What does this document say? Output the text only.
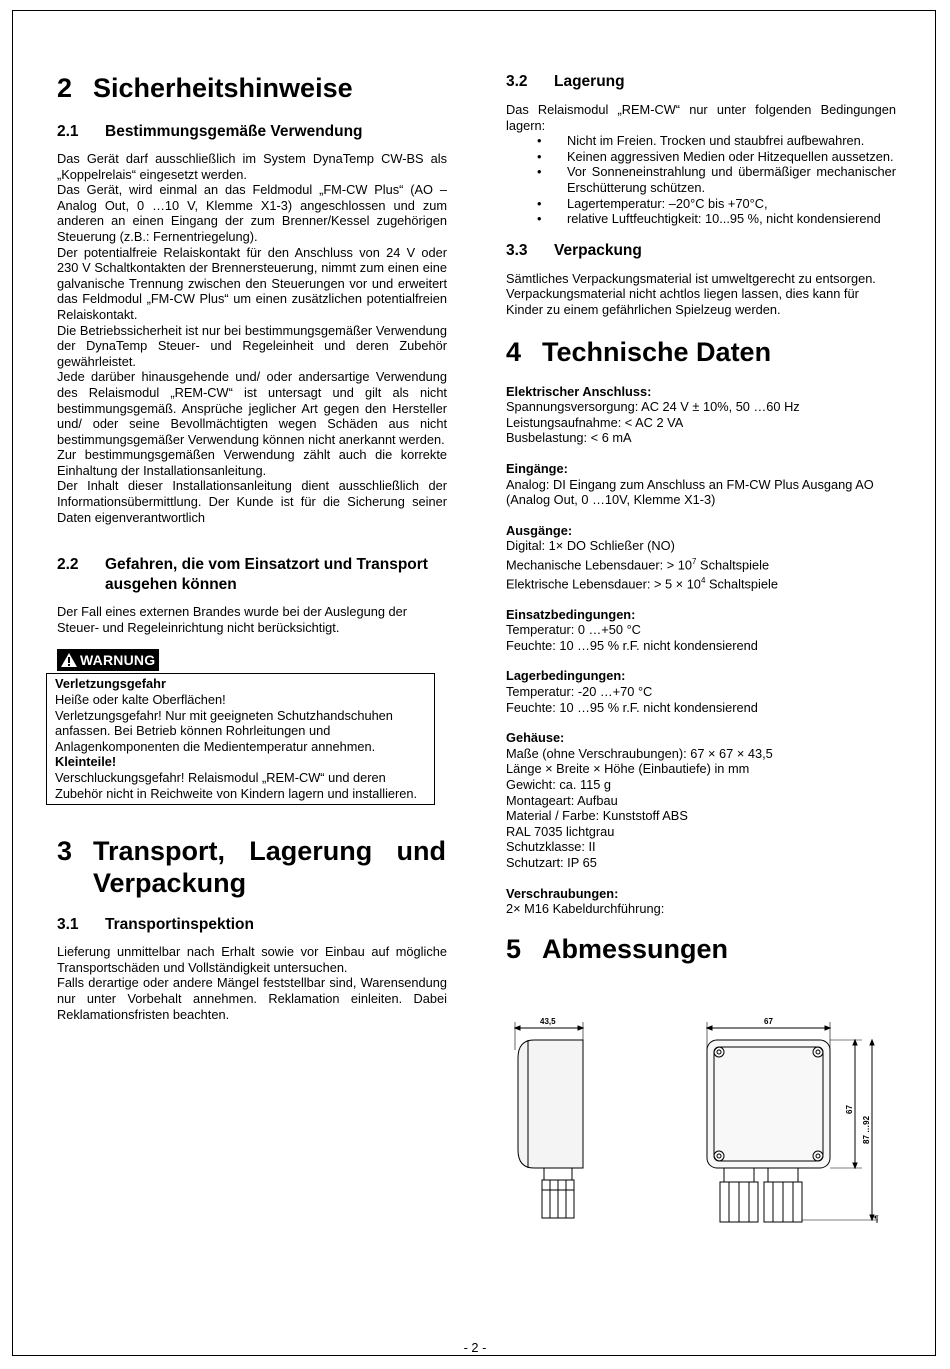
2 Sicherheitshinweise
2.1 Bestimmungsgemäße Verwendung

Das Gerät darf ausschließlich im System DynaTemp CW-BS als „Koppelrelais“ eingesetzt werden.

Das Gerät, wird einmal an das Feldmodul „FM-CW Plus“ (AO – Analog Out, 0 …10 V, Klemme X1-3) angeschlossen und zum anderen an einen Eingang der zum Brenner/Kessel zugehörigen Steuerung (z.B.: Fernentriegelung).

Der potentialfreie Relaiskontakt für den Anschluss von 24 V oder 230 V Schaltkontakten der Brennersteuerung, nimmt zum einen eine galvanische Trennung zwischen den Steuerungen vor und erweitert das Feldmodul „FM-CW Plus“ um einen zusätzlichen potentialfreien Relaiskontakt.

Die Betriebssicherheit ist nur bei bestimmungsgemäßer Verwendung der DynaTemp Steuer- und Regeleinheit und deren Zubehör gewährleistet.

Jede darüber hinausgehende und/ oder andersartige Verwendung des Relaismodul „REM-CW“ ist untersagt und gilt als nicht bestimmungsgemäß. Ansprüche jeglicher Art gegen den Hersteller und/ oder seine Bevollmächtigten wegen Schäden aus nicht bestimmungsgemäßer Verwendung können nicht anerkannt werden.

Zur bestimmungsgemäßen Verwendung zählt auch die korrekte Einhaltung der Installationsanleitung.

Der Inhalt dieser Installationsanleitung dient ausschließlich der Informationsübermittlung. Der Kunde ist für die Sicherung seiner Daten eigenverantwortlich

2.2	Gefahren, die vom Einsatzort und Transport ausgehen können

Der Fall eines externen Brandes wurde bei der Auslegung der Steuer- und Regeleinrichtung nicht berücksichtigt.

WARNUNG

Verletzungsgefahr

Heiße oder kalte Oberflächen!

Verletzungsgefahr! Nur mit geeigneten Schutzhandschuhen anfassen. Bei Betrieb können Rohrleitungen und Anlagenkomponenten die Medientemperatur annehmen.

Kleinteile!

Verschluckungsgefahr! Relaismodul „REM-CW“ und deren Zubehör nicht in Reichweite von Kindern lagern und installieren.

3 Transport, Lagerung und
Verpackung
3.1 Transportinspektion

Lieferung unmittelbar nach Erhalt sowie vor Einbau auf mögliche Transportschäden und Vollständigkeit untersuchen.

Falls derartige oder andere Mängel feststellbar sind, Warensendung nur unter Vorbehalt annehmen. Reklamation einleiten. Dabei Reklamationsfristen beachten.

3.2 Lagerung

Das Relaismodul „REM-CW“ nur unter folgenden Bedingungen lagern:

• Nicht im Freien. Trocken und staubfrei aufbewahren.
• Keinen aggressiven Medien oder Hitzequellen aussetzen.
• Vor Sonneneinstrahlung und übermäßiger mechanischer Erschütterung schützen.
• Lagertemperatur: –20°C bis +70°C,
• relative Luftfeuchtigkeit: 10...95 %, nicht kondensierend
3.3 Verpackung

Sämtliches Verpackungsmaterial ist umweltgerecht zu entsorgen. Verpackungsmaterial nicht achtlos liegen lassen, dies kann für Kinder zu einem gefährlichen Spielzeug werden.

4 Technische Daten

Elektrischer Anschluss:

Spannungsversorgung: AC 24 V ± 10%, 50 …60 Hz

Leistungsaufnahme: < AC 2 VA

Busbelastung: < 6 mA

Eingänge:

Analog: DI Eingang zum Anschluss an FM-CW Plus Ausgang AO (Analog Out, 0 …10V, Klemme X1-3)

Ausgänge:

Digital: 1× DO Schließer (NO)

Mechanische Lebensdauer: > $10^7$ Schaltspiele

Elektrische Lebensdauer: > $5 \times 10^4$ Schaltspiele

Einsatzbedingungen:

Temperatur: 0 …+50 °C

Feuchte: 10 …95 % r.F. nicht kondensierend

Lagerbedingungen:

Temperatur: -20 …+70 °C

Feuchte: 10 …95 % r.F. nicht kondensierend

Gehäuse:

Maße (ohne Verschraubungen): 67 × 67 × 43,5

Länge × Breite × Höhe (Einbautiefe) in mm

Gewicht: ca. 115 g

Montageart: Aufbau

Material / Farbe: Kunststoff ABS

RAL 7035 lichtgrau

Schutzklasse: II

Schutzart: IP 65

Verschraubungen:

2× M16 Kabeldurchführung:

5 Abmessungen
43,5	67
67
87 …92
¶
- 2 -
